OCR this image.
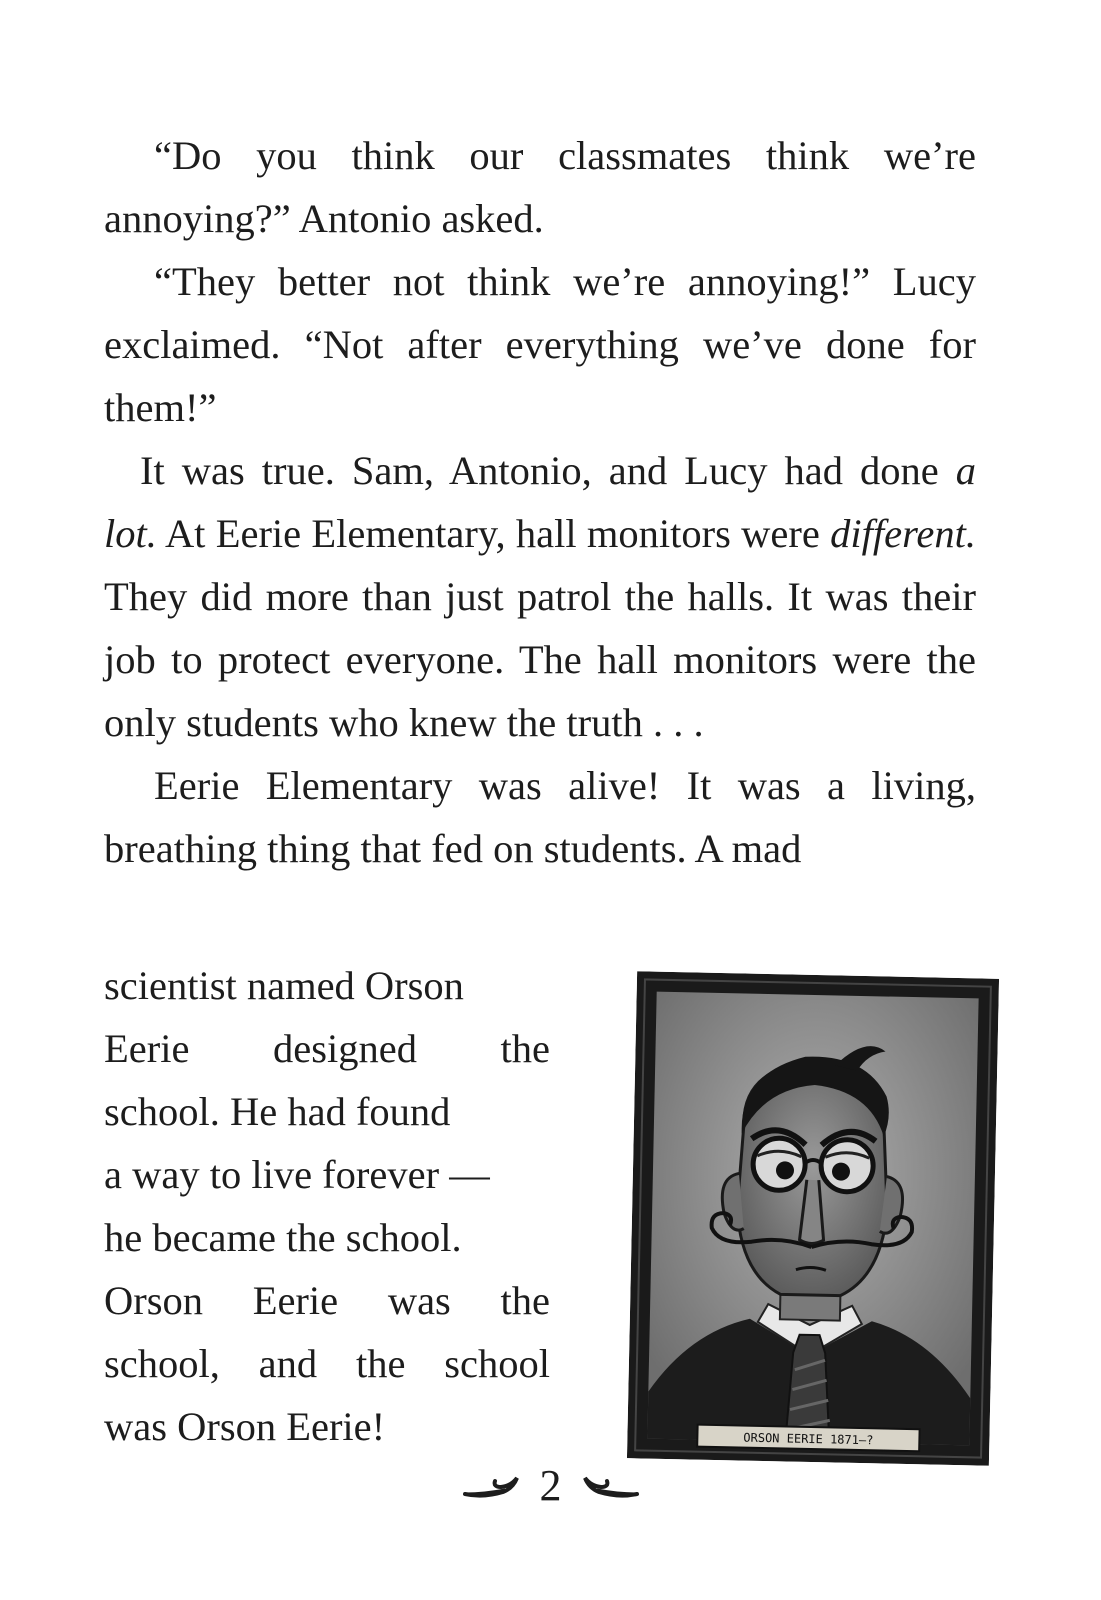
“Do you think our classmates think we’re annoying?” Antonio asked.

“They better not think we’re annoying!” Lucy exclaimed. “Not after everything we’ve done for them!”

It was true. Sam, Antonio, and Lucy had done a lot. At Eerie Elementary, hall monitors were different. They did more than just patrol the halls. It was their job to protect everyone. The hall monitors were the only students who knew the truth . . .

Eerie Elementary was alive! It was a living, breathing thing that fed on students. A mad

scientist named Orson
Eerie designed the
school. He had found
a way to live forever —
he became the school.
Orson Eerie was the
school, and the school
was Orson Eerie!	ORSON EERIE 1871–?
2
